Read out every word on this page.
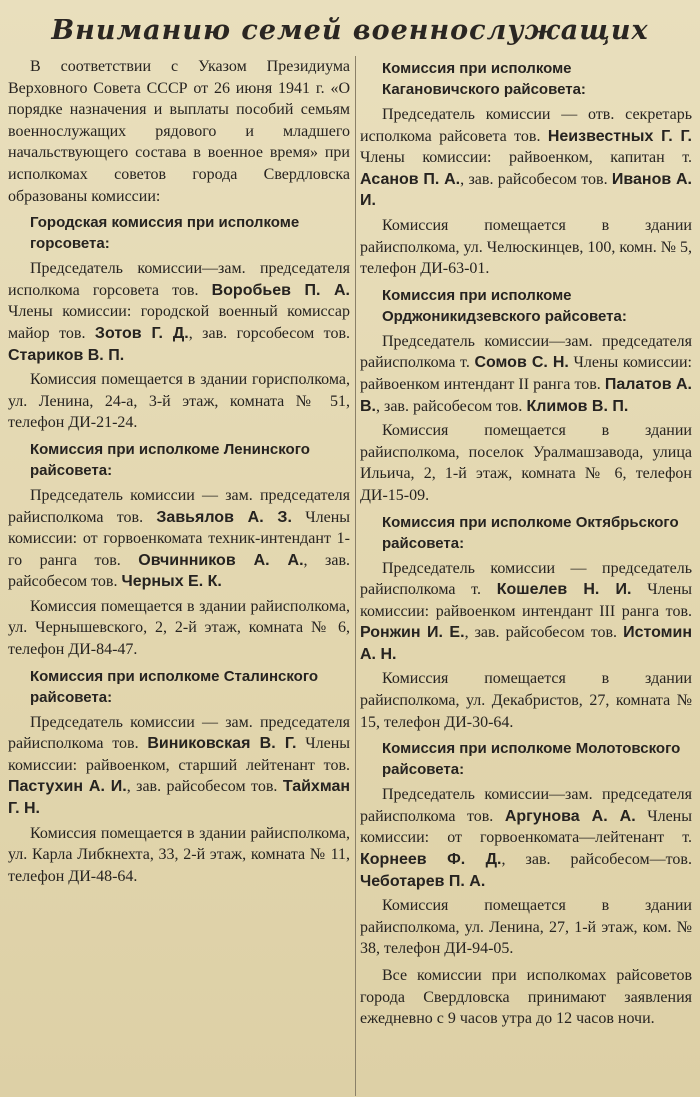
Вниманию семей военнослужащих

В соответствии с Указом Президиума Верховного Совета СССР от 26 июня 1941 г. «О порядке назначения и выплаты пособий семьям военнослужащих рядового и младшего начальствующего состава в военное время» при исполкомах советов города Свердловска образованы комиссии:

Городская комиссия при исполкоме горсовета:

Председатель комиссии—зам. председателя исполкома горсовета тов. Воробьев П. А. Члены комиссии: городской военный комиссар майор тов. Зотов Г. Д., зав. горсобесом тов. Стариков В. П.

Комиссия помещается в здании горисполкома, ул. Ленина, 24-а, 3-й этаж, комната № 51, телефон ДИ-21-24.

Комиссия при исполкоме Ленинского райсовета:

Председатель комиссии — зам. председателя райисполкома тов. Завьялов А. З. Члены комиссии: от горвоенкомата техник-интендант 1-го ранга тов. Овчинников А. А., зав. райсобесом тов. Черных Е. К.

Комиссия помещается в здании райисполкома, ул. Чернышевского, 2, 2-й этаж, комната № 6, телефон ДИ-84-47.

Комиссия при исполкоме Сталинского райсовета:

Председатель комиссии — зам. председателя райисполкома тов. Виниковская В. Г. Члены комиссии: райвоенком, старший лейтенант тов. Пастухин А. И., зав. райсобесом тов. Тайхман Г. Н.

Комиссия помещается в здании райисполкома, ул. Карла Либкнехта, 33, 2-й этаж, комната № 11, телефон ДИ-48-64.

Комиссия при исполкоме Кагановичского райсовета:

Председатель комиссии — отв. секретарь исполкома райсовета тов. Неизвестных Г. Г. Члены комиссии: райвоенком, капитан т. Асанов П. А., зав. райсобесом тов. Иванов А. И.

Комиссия помещается в здании райисполкома, ул. Челюскинцев, 100, комн. № 5, телефон ДИ-63-01.

Комиссия при исполкоме Орджоникидзевского райсовета:

Председатель комиссии—зам. председателя райисполкома т. Сомов С. Н. Члены комиссии: райвоенком интендант II ранга тов. Палатов А. В., зав. райсобесом тов. Климов В. П.

Комиссия помещается в здании райисполкома, поселок Уралмашзавода, улица Ильича, 2, 1-й этаж, комната № 6, телефон ДИ-15-09.

Комиссия при исполкоме Октябрьского райсовета:

Председатель комиссии — председатель райисполкома т. Кошелев Н. И. Члены комиссии: райвоенком интендант III ранга тов. Ронжин И. Е., зав. райсобесом тов. Истомин А. Н.

Комиссия помещается в здании райисполкома, ул. Декабристов, 27, комната № 15, телефон ДИ-30-64.

Комиссия при исполкоме Молотовского райсовета:

Председатель комиссии—зам. председателя райисполкома тов. Аргунова А. А. Члены комиссии: от горвоенкомата—лейтенант т. Корнеев Ф. Д., зав. райсобесом—тов. Чеботарев П. А.

Комиссия помещается в здании райисполкома, ул. Ленина, 27, 1-й этаж, ком. № 38, телефон ДИ-94-05.

Все комиссии при исполкомах райсоветов города Свердловска принимают заявления ежедневно с 9 часов утра до 12 часов ночи.
